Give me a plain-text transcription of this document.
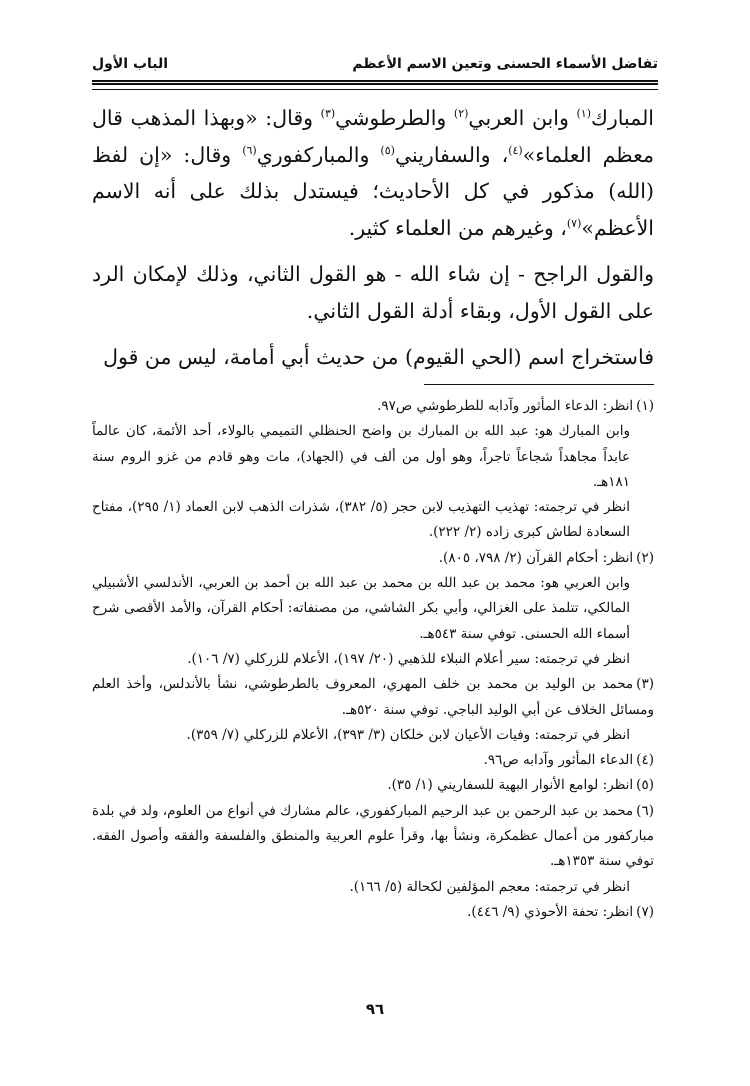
تفاضل الأسماء الحسنى وتعين الاسم الأعظم
الباب الأول

المبارك$^{(١)}$ وابن العربي$^{(٢)}$ والطرطوشي$^{(٣)}$ وقال: «وبهذا المذهب قال معظم العلماء»$^{(٤)}$، والسفاريني$^{(٥)}$ والمباركفوري$^{(٦)}$ وقال: «إن لفظ (الله) مذكور في كل الأحاديث؛ فيستدل بذلك على أنه الاسم الأعظم»$^{(٧)}$، وغيرهم من العلماء كثير.

والقول الراجح - إن شاء الله - هو القول الثاني، وذلك لإمكان الرد على القول الأول، وبقاء أدلة القول الثاني.

فاستخراج اسم (الحي القيوم) من حديث أبي أمامة، ليس من قول

(١)انظر: الدعاء المأثور وآدابه للطرطوشي ص٩٧.

وابن المبارك هو: عبد الله بن المبارك بن واضح الحنظلي التميمي بالولاء، أحد الأئمة، كان عالماً عابداً مجاهداً شجاعاً تاجراً، وهو أول من ألف في (الجهاد)، مات وهو قادم من غزو الروم سنة ١٨١هـ.

انظر في ترجمته: تهذيب التهذيب لابن حجر (٥/ ٣٨٢)، شذرات الذهب لابن العماد (١/ ٢٩٥)، مفتاح السعادة لطاش كبرى زاده (٢/ ٢٢٢).

(٢)انظر: أحكام القرآن (٢/ ٧٩٨، ٨٠٥).

وابن العربي هو: محمد بن عبد الله بن محمد بن عبد الله بن أحمد بن العربي، الأندلسي الأشبيلي المالكي، تتلمذ على الغزالي، وأبي بكر الشاشي، من مصنفاته: أحكام القرآن، والأمد الأقصى شرح أسماء الله الحسنى. توفي سنة ٥٤٣هـ.

انظر في ترجمته: سير أعلام النبلاء للذهبي (٢٠/ ١٩٧)، الأعلام للزركلي (٧/ ١٠٦).

(٣)محمد بن الوليد بن محمد بن خلف المهري، المعروف بالطرطوشي، نشأ بالأندلس، وأخذ العلم ومسائل الخلاف عن أبي الوليد الباجي. توفي سنة ٥٢٠هـ.

انظر في ترجمته: وفيات الأعيان لابن خلكان (٣/ ٣٩٣)، الأعلام للزركلي (٧/ ٣٥٩).

(٤)الدعاء المأثور وآدابه ص٩٦.

(٥)انظر: لوامع الأنوار البهية للسفاريني (١/ ٣٥).

(٦)محمد بن عبد الرحمن بن عبد الرحيم المباركفوري، عالم مشارك في أنواع من العلوم، ولد في بلدة مباركفور من أعمال عظمكرة، ونشأ بها، وقرأ علوم العربية والمنطق والفلسفة والفقه وأصول الفقه. توفي سنة ١٣٥٣هـ.

انظر في ترجمته: معجم المؤلفين لكحالة (٥/ ١٦٦).

(٧)انظر: تحفة الأحوذي (٩/ ٤٤٦).

٩٦
